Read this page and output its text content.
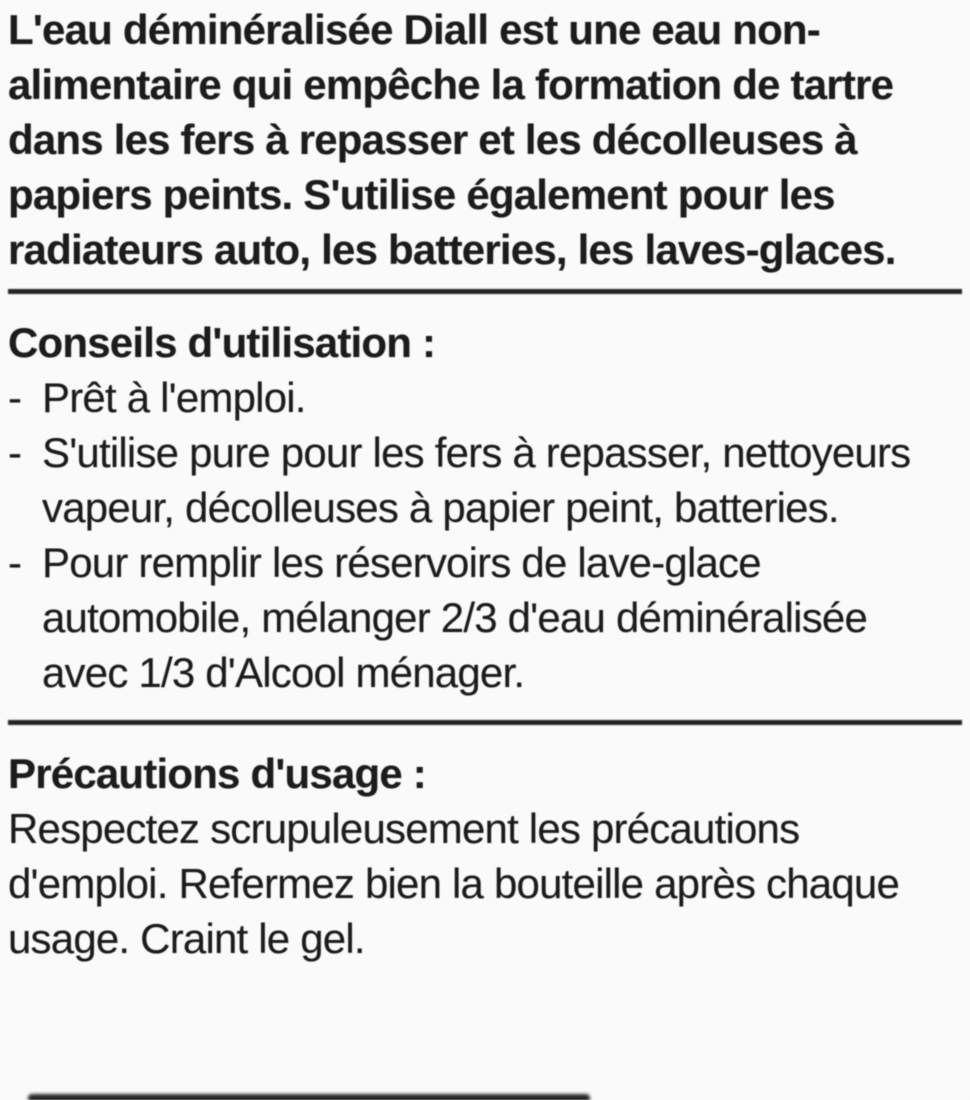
L'eau déminéralisée Diall est une eau non-alimentaire qui empêche la formation de tartre dans les fers à repasser et les décolleuses à papiers peints. S'utilise également pour les radiateurs auto, les batteries, les laves-glaces.

Conseils d'utilisation :
- Prêt à l'emploi.
- S'utilise pure pour les fers à repasser, nettoyeurs vapeur, décolleuses à papier peint, batteries.
- Pour remplir les réservoirs de lave-glace automobile, mélanger 2/3 d'eau déminéralisée avec 1/3 d'Alcool ménager.
Précautions d'usage :

Respectez scrupuleusement les précautions d'emploi. Refermez bien la bouteille après chaque usage. Craint le gel.
